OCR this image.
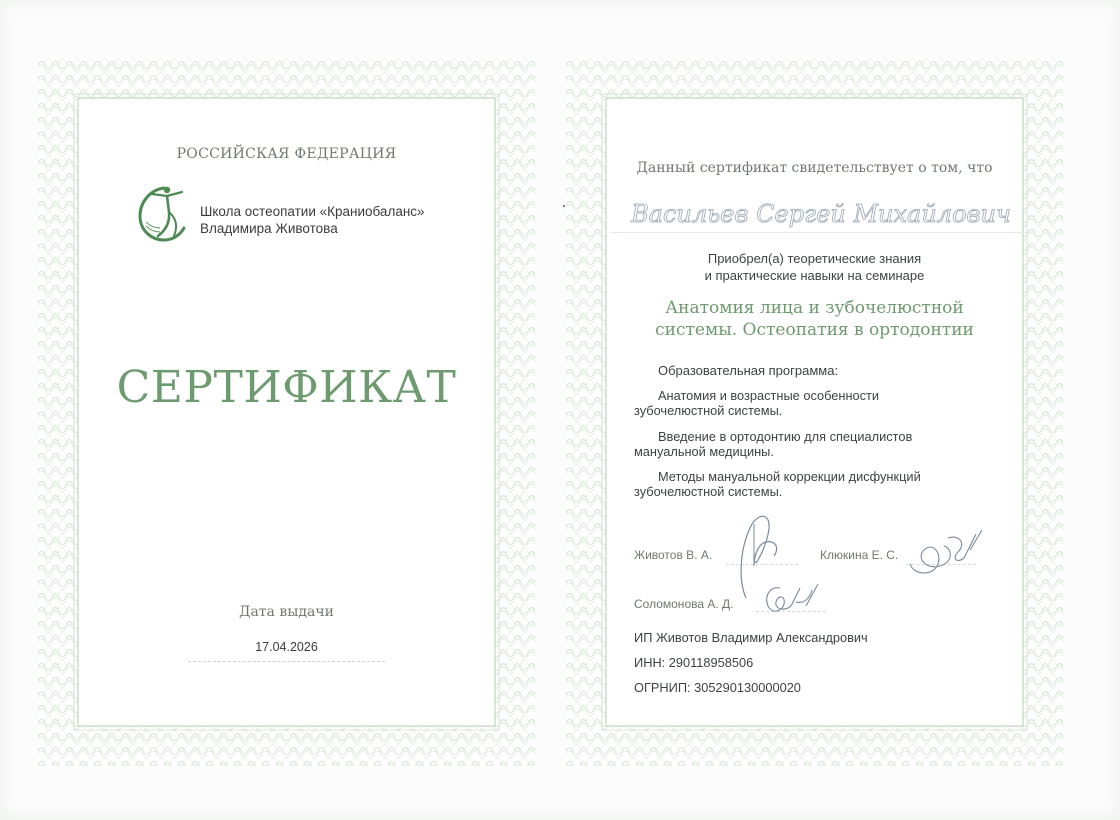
РОССИЙСКАЯ ФЕДЕРАЦИЯ
Школа остеопатии «Краниобаланс»
Владимира Животова
СЕРТИФИКАТ
Дата выдачи
17.04.2026
Данный сертификат свидетельствует о том, что
Васильев Сергей Михайлович
Приобрел(а) теоретические знания
и практические навыки на семинаре
Анатомия лица и зубочелюстной
системы. Остеопатия в ортодонтии
Образовательная программа:
Анатомия и возрастные особенности
зубочелюстной системы.
Введение в ортодонтию для специалистов
мануальной медицины.
Методы мануальной коррекции дисфункций
зубочелюстной системы.
Животов В. А.	Клюкина Е. С.
Соломонова А. Д.
ИП Животов Владимир Александрович
ИНН: 290118958506
ОГРНИП: 305290130000020
